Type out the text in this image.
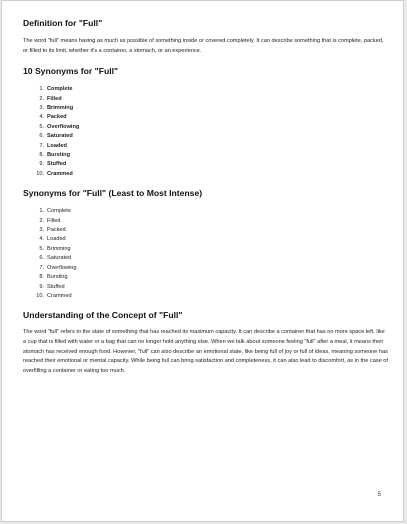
Definition for "Full"

The word "full" means having as much as possible of something inside or covered completely. It can describe something that is complete, packed, or filled to its limit, whether it's a container, a stomach, or an experience.

10 Synonyms for "Full"
1. Complete
2. Filled
3. Brimming
4. Packed
5. Overflowing
6. Saturated
7. Loaded
8. Bursting
9. Stuffed
10. Crammed
Synonyms for "Full" (Least to Most Intense)
1. Complete
2. Filled
3. Packed
4. Loaded
5. Brimming
6. Saturated
7. Overflowing
8. Bursting
9. Stuffed
10. Crammed
Understanding of the Concept of "Full"

The word "full" refers to the state of something that has reached its maximum capacity. It can describe a container that has no more space left, like a cup that is filled with water or a bag that can no longer hold anything else. When we talk about someone feeling "full" after a meal, it means their stomach has received enough food. However, "full" can also describe an emotional state, like being full of joy or full of ideas, meaning someone has reached their emotional or mental capacity. While being full can bring satisfaction and completeness, it can also lead to discomfort, as in the case of overfilling a container or eating too much.

5
